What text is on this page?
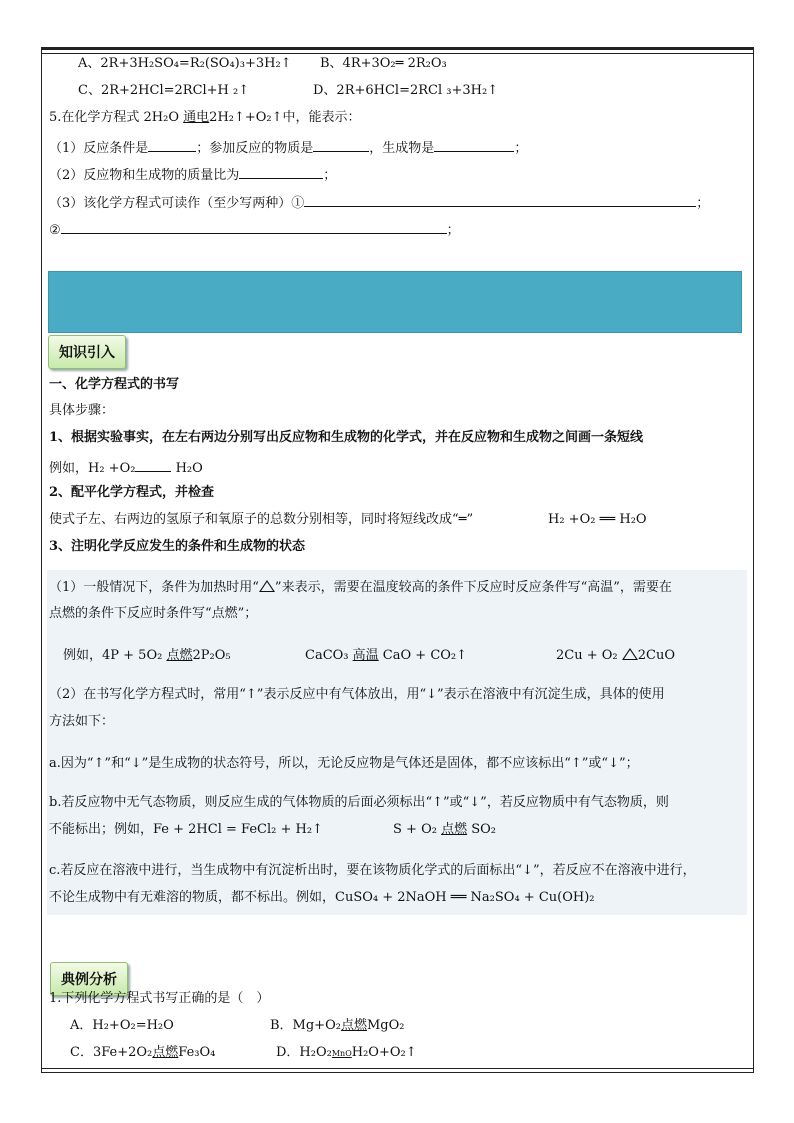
A、2R+3H₂SO₄=R₂(SO₄)₃+3H₂↑ B、4R+3O₂═ 2R₂O₃
C、2R+2HCl=2RCl+H ₂↑	D、2R+6HCl=2RCl ₃+3H₂↑
5.在化学方程式 2H₂O 通电2H₂↑+O₂↑中，能表示：
（1）反应条件是	；参加反应的物质是	，生成物是	；
（2）反应物和生成物的质量比为	；
（3）该化学方程式可读作（至少写两种）①	；
②	；
知识引入
一、化学方程式的书写
具体步骤：
1、根据实验事实，在左右两边分别写出反应物和生成物的化学式，并在反应物和生成物之间画一条短线
例如，H₂ +O₂	H₂O
2、配平化学方程式，并检查
使式子左、右两边的氢原子和氧原子的总数分别相等，同时将短线改成“═”	H₂ +O₂ ══ H₂O
3、注明化学反应发生的条件和生成物的状态
（1）一般情况下，条件为加热时用“ ”来表示，需要在温度较高的条件下反应时反应条件写“高温”，需要在
点燃的条件下反应时条件写“点燃”；
例如，4P + 5O₂ 点燃2P₂O₅	CaCO₃ 高温 CaO + CO₂↑	2Cu + O₂ 2CuO
（2）在书写化学方程式时，常用“↑”表示反应中有气体放出，用“↓”表示在溶液中有沉淀生成，具体的使用
方法如下：
a.因为“↑”和“↓”是生成物的状态符号，所以，无论反应物是气体还是固体，都不应该标出“↑”或“↓”；
b.若反应物中无气态物质，则反应生成的气体物质的后面必须标出“↑”或“↓”，若反应物质中有气态物质，则
不能标出；例如，Fe + 2HCl = FeCl₂ + H₂↑	S + O₂ 点燃 SO₂
c.若反应在溶液中进行，当生成物中有沉淀析出时，要在该物质化学式的后面标出“↓”，若反应不在溶液中进行，
不论生成物中有无难溶的物质，都不标出。例如，CuSO₄ + 2NaOH ══ Na₂SO₄ + Cu(OH)₂
典例分析
1.下列化学方程式书写正确的是（　）
A．H₂+O₂=H₂O	B．Mg+O₂点燃MgO₂
C．3Fe+2O₂点燃Fe₃O₄	D．H₂O₂MnOH₂O+O₂↑
